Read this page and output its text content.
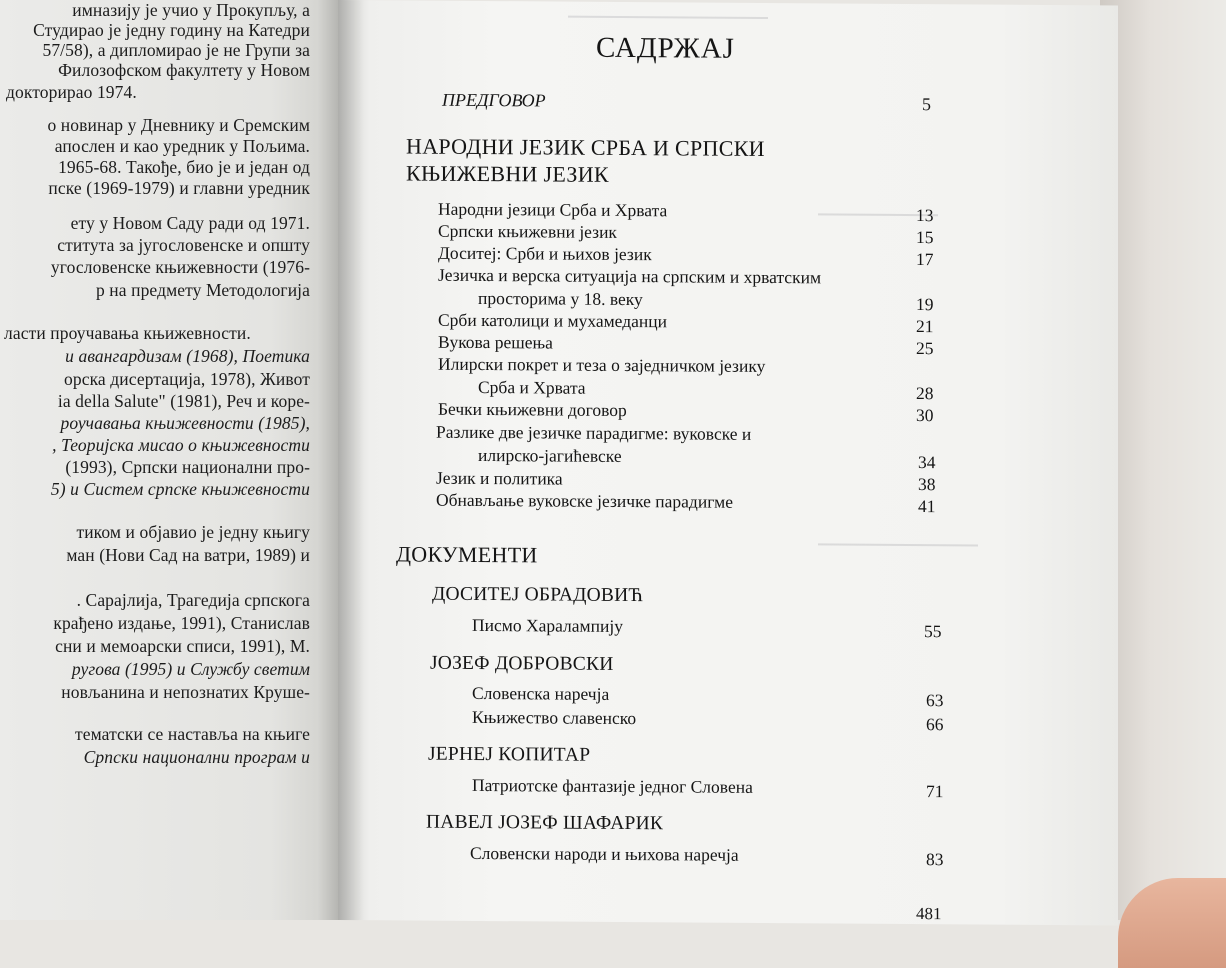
имназију је учио у Прокупљу, а
Студирао је једну годину на Катедри
57/58), а дипломирао је не Групи за
Филозофском факултету у Новом
докторирао 1974.
о новинар у Дневнику и Сремским
апослен и као уредник у Пољима.
1965-68. Такође, био је и један од
пске (1969-1979) и главни уредник
ету у Новом Саду ради од 1971.
ститута за југословенске и општу
угословенске књижевности (1976-
р на предмету Методологија
ласти проучавања књижевности.
и авангардизам (1968), Поетика
орска дисертација, 1978), Живот
ia della Salute" (1981), Реч и коре-
роучавања књижевности (1985),
, Теоријска мисао о књижевности
(1993), Српски национални про-
5) и Систем српске књижевности
тиком и објавио је једну књигу
ман (Нови Сад на ватри, 1989) и
. Сарајлија, Трагедија српскога
крађено издање, 1991), Станислав
сни и мемоарски списи, 1991), М.
ругова (1995) и Службу светим
новљанина и непознатих Круше-
тематски се наставља на књиге
Српски национални програм и
САДРЖАЈ
ПРЕДГОВОР	5
НАРОДНИ ЈЕЗИК СРБА И СРПСКИ
КЊИЖЕВНИ ЈЕЗИК
Народни језици Срба и Хрвата	13
Српски књижевни језик	15
Доситеј: Срби и њихов језик	17
Језичка и верска ситуација на српским и хрватским
просторима у 18. веку	19
Срби католици и мухамеданци	21
Вукова решења	25
Илирски покрет и теза о заједничком језику
Срба и Хрвата	28
Бечки књижевни договор	30
Разлике две језичке парадигме: вуковске и
илирско-јагићевске	34
Језик и политика	38
Обнављање вуковске језичке парадигме	41
ДОКУМЕНТИ
ДОСИТЕЈ ОБРАДОВИЋ
Писмо Харалампију	55
ЈОЗЕФ ДОБРОВСКИ
Словенска наречја	63
Књижество славенско	66
ЈЕРНЕЈ КОПИТАР
Патриотске фантазије једног Словена	71
ПАВЕЛ ЈОЗЕФ ШАФАРИК
Словенски народи и њихова наречја	83
481
